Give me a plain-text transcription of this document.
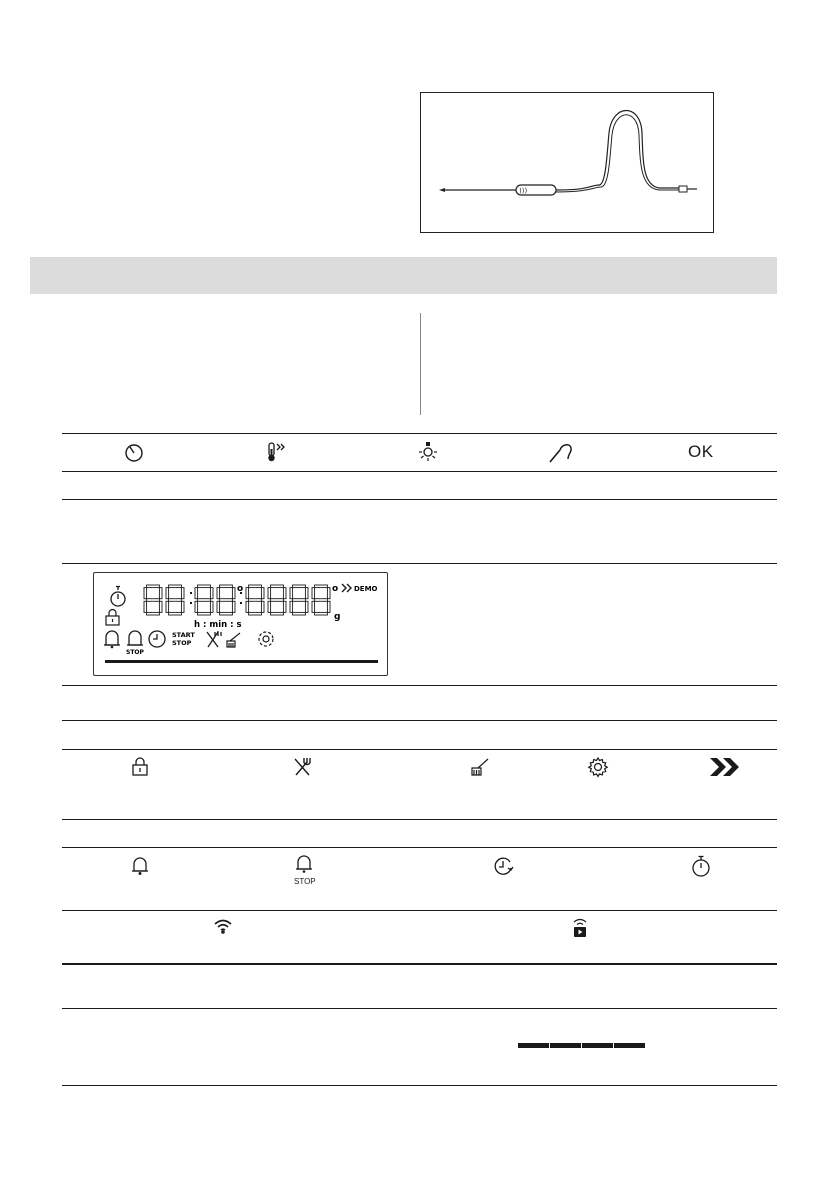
)))
OK
o	o
g
DEMO
h : min : s
STOP
START
STOP
STOP
